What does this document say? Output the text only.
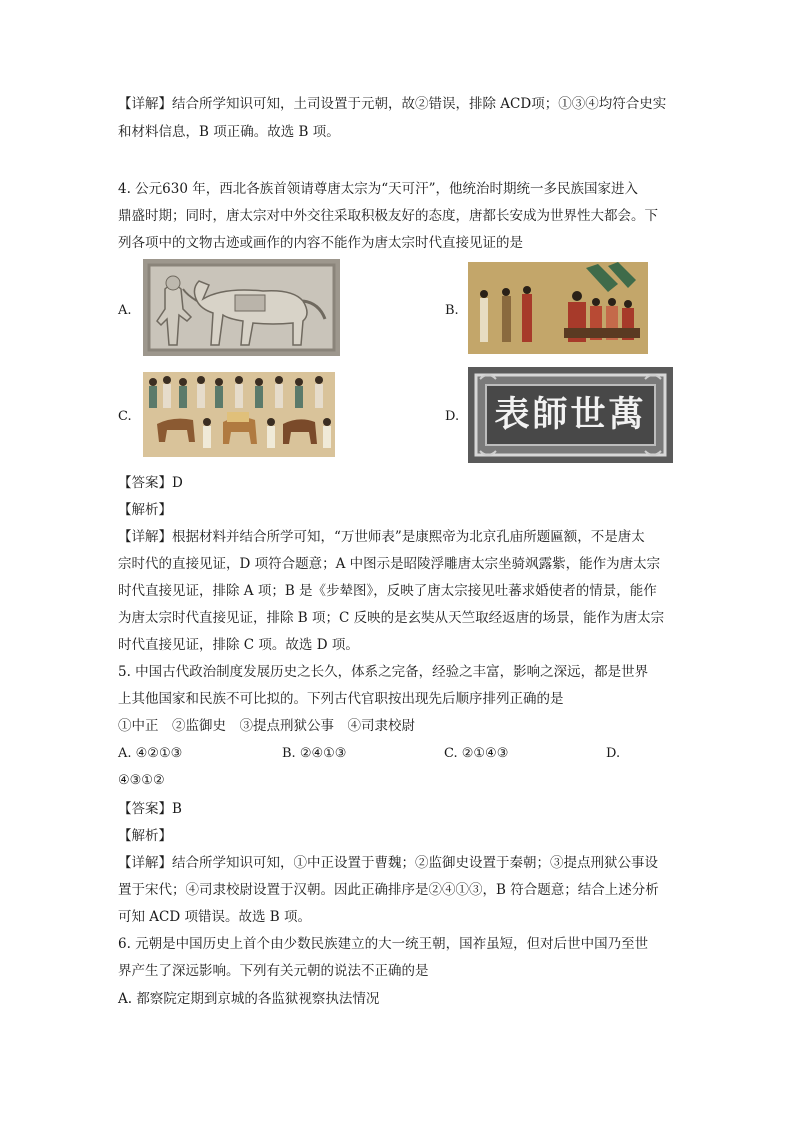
【详解】结合所学知识可知，土司设置于元朝，故②错误，排除 ACD项；①③④均符合史实
和材料信息，B 项正确。故选 B 项。
4. 公元630 年，西北各族首领请尊唐太宗为“天可汗”，他统治时期统一多民族国家进入
鼎盛时期；同时，唐太宗对中外交往采取积极友好的态度，唐都长安成为世界性大都会。下
列各项中的文物古迹或画作的内容不能作为唐太宗时代直接见证的是
A.	B.
C.	D. 表師世萬
【答案】D
【解析】
【详解】根据材料并结合所学可知，“万世师表”是康熙帝为北京孔庙所题匾额，不是唐太
宗时代的直接见证，D 项符合题意；A 中图示是昭陵浮雕唐太宗坐骑飒露紫，能作为唐太宗
时代直接见证，排除 A 项；B 是《步辇图》，反映了唐太宗接见吐蕃求婚使者的情景，能作
为唐太宗时代直接见证，排除 B 项；C 反映的是玄奘从天竺取经返唐的场景，能作为唐太宗
时代直接见证，排除 C 项。故选 D 项。
5. 中国古代政治制度发展历史之长久，体系之完备，经验之丰富，影响之深远，都是世界
上其他国家和民族不可比拟的。下列古代官职按出现先后顺序排列正确的是
①中正　②监御史　③提点刑狱公事　④司隶校尉
A. ④②①③	B. ②④①③	C. ②①④③	D.
④③①②
【答案】B
【解析】
【详解】结合所学知识可知，①中正设置于曹魏；②监御史设置于秦朝；③提点刑狱公事设
置于宋代；④司隶校尉设置于汉朝。因此正确排序是②④①③，B 符合题意；结合上述分析
可知 ACD 项错误。故选 B 项。
6. 元朝是中国历史上首个由少数民族建立的大一统王朝，国祚虽短，但对后世中国乃至世
界产生了深远影响。下列有关元朝的说法不正确的是
A. 都察院定期到京城的各监狱视察执法情况
